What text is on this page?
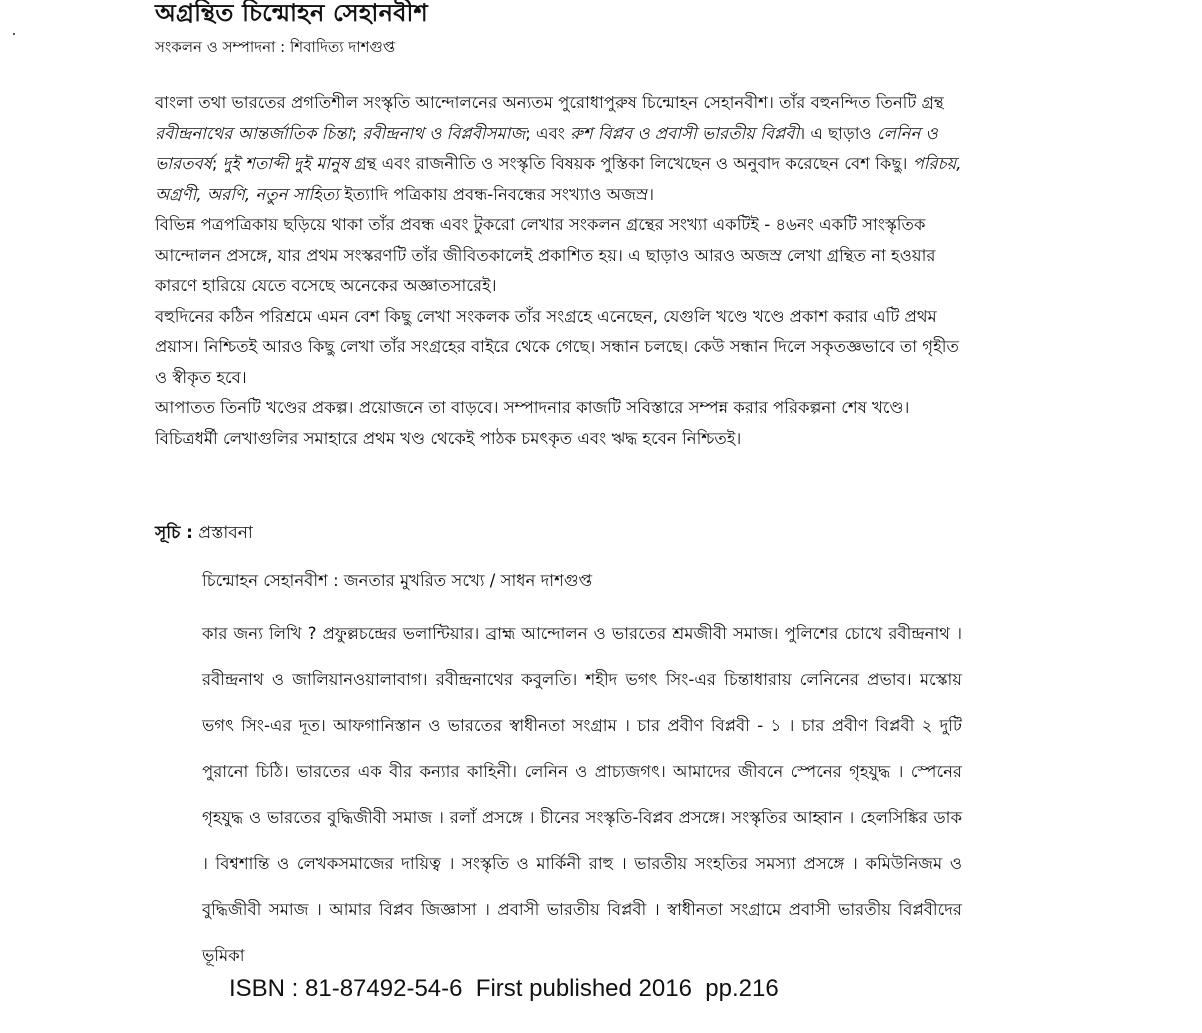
অগ্রন্থিত চিন্মোহন সেহানবীশ
সংকলন ও সম্পাদনা : শিবাদিত্য দাশগুপ্ত

বাংলা তথা ভারতের প্রগতিশীল সংস্কৃতি আন্দোলনের অন্যতম পুরোধাপুরুষ চিন্মোহন সেহানবীশ। তাঁর বহুনন্দিত তিনটি গ্রন্থ রবীন্দ্রনাথের আন্তর্জাতিক চিন্তা; রবীন্দ্রনাথ ও বিপ্লবীসমাজ; এবং রুশ বিপ্লব ও প্রবাসী ভারতীয় বিপ্লবী। এ ছাড়াও লেনিন ও ভারতবর্ষ; দুই শতাব্দী দুই মানুষ গ্রন্থ এবং রাজনীতি ও সংস্কৃতি বিষয়ক পুস্তিকা লিখেছেন ও অনুবাদ করেছেন বেশ কিছু। পরিচয়, অগ্রণী, অরণি, নতুন সাহিত্য ইত্যাদি পত্রিকায় প্রবন্ধ-নিবন্ধের সংখ্যাও অজস্র।

বিভিন্ন পত্রপত্রিকায় ছড়িয়ে থাকা তাঁর প্রবন্ধ এবং টুকরো লেখার সংকলন গ্রন্থের সংখ্যা একটিই - ৪৬নং একটি সাংস্কৃতিক আন্দোলন প্রসঙ্গে, যার প্রথম সংস্করণটি তাঁর জীবিতকালেই প্রকাশিত হয়। এ ছাড়াও আরও অজস্র লেখা গ্রন্থিত না হওয়ার কারণে হারিয়ে যেতে বসেছে অনেকের অজ্ঞাতসারেই।

বহুদিনের কঠিন পরিশ্রমে এমন বেশ কিছু লেখা সংকলক তাঁর সংগ্রহে এনেছেন, যেগুলি খণ্ডে খণ্ডে প্রকাশ করার এটি প্রথম প্রয়াস। নিশ্চিতই আরও কিছু লেখা তাঁর সংগ্রহের বাইরে থেকে গেছে। সন্ধান চলছে। কেউ সন্ধান দিলে সকৃতজ্ঞভাবে তা গৃহীত ও স্বীকৃত হবে।

আপাতত তিনটি খণ্ডের প্রকল্প। প্রয়োজনে তা বাড়বে। সম্পাদনার কাজটি সবিস্তারে সম্পন্ন করার পরিকল্পনা শেষ খণ্ডে। বিচিত্রধর্মী লেখাগুলির সমাহারে প্রথম খণ্ড থেকেই পাঠক চমৎকৃত এবং ঋদ্ধ হবেন নিশ্চিতই।

সূচি : প্রস্তাবনা
চিন্মোহন সেহানবীশ : জনতার মুখরিত সখ্যে / সাধন দাশগুপ্ত
কার জন্য লিখি ? প্রফুল্লচন্দ্রের ভলান্টিয়ার। ব্রাহ্ম আন্দোলন ও ভারতের শ্রমজীবী সমাজ। পুলিশের চোখে রবীন্দ্রনাথ । রবীন্দ্রনাথ ও জালিয়ানওয়ালাবাগ। রবীন্দ্রনাথের কবুলতি। শহীদ ভগৎ সিং-এর চিন্তাধারায় লেনিনের প্রভাব। মস্কোয় ভগৎ সিং-এর দূত। আফগানিস্তান ও ভারতের স্বাধীনতা সংগ্রাম । চার প্রবীণ বিপ্লবী - ১ । চার প্রবীণ বিপ্লবী ২ দুটি পুরানো চিঠি। ভারতের এক বীর কন্যার কাহিনী। লেনিন ও প্রাচ্যজগৎ। আমাদের জীবনে স্পেনের গৃহযুদ্ধ । স্পেনের গৃহযুদ্ধ ও ভারতের বুদ্ধিজীবী সমাজ । রলাঁ প্রসঙ্গে । চীনের সংস্কৃতি-বিপ্লব প্রসঙ্গে। সংস্কৃতির আহ্বান । হেলসিঙ্কির ডাক । বিশ্বশান্তি ও লেখকসমাজের দায়িত্ব । সংস্কৃতি ও মার্কিনী রাহু । ভারতীয় সংহতির সমস্যা প্রসঙ্গে । কমিউনিজম ও বুদ্ধিজীবী সমাজ । আমার বিপ্লব জিজ্ঞাসা । প্রবাসী ভারতীয় বিপ্লবী । স্বাধীনতা সংগ্রামে প্রবাসী ভারতীয় বিপ্লবীদের ভূমিকা
ISBN : 81-87492-54-6  First published 2016  pp.216
